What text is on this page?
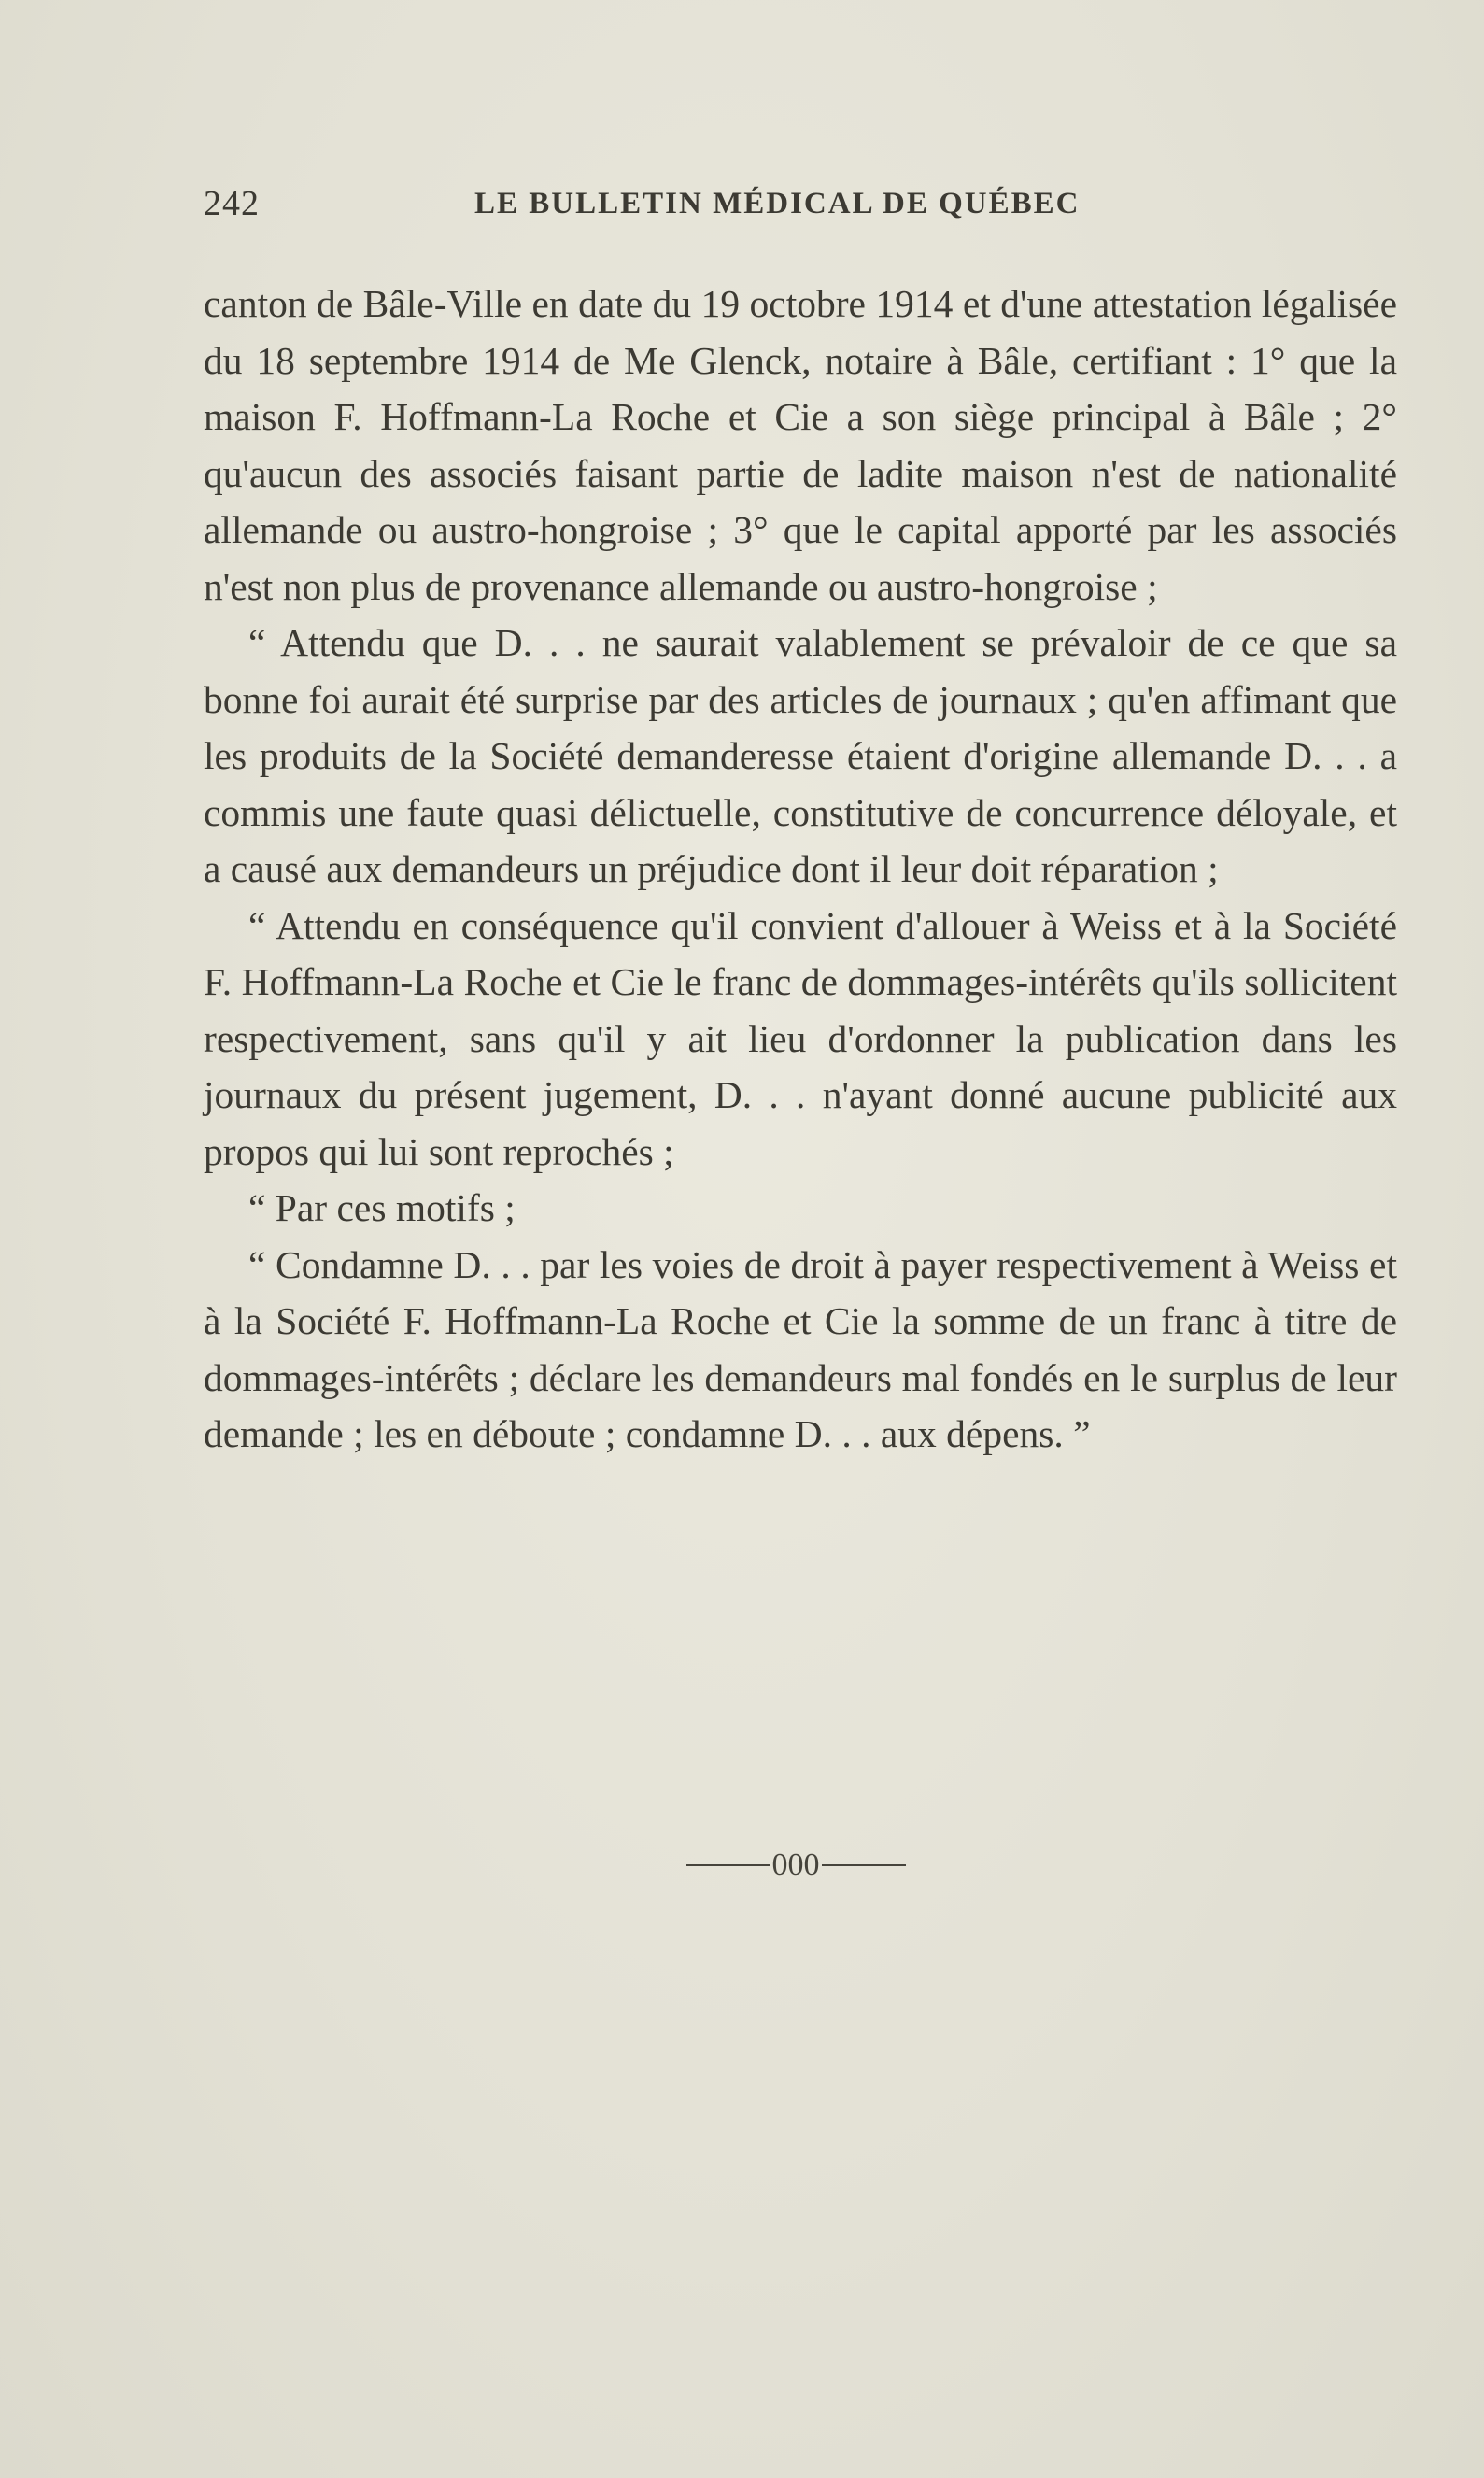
242	LE BULLETIN MÉDICAL DE QUÉBEC

canton de Bâle-Ville en date du 19 octobre 1914 et d'une attestation légalisée du 18 septembre 1914 de Me Glenck, notaire à Bâle, certifiant : 1° que la maison F. Hoffmann-La Roche et Cie a son siège principal à Bâle ; 2° qu'aucun des associés faisant partie de ladite maison n'est de nationalité allemande ou austro-hongroise ; 3° que le capital apporté par les associés n'est non plus de provenance allemande ou austro-hongroise ;

“ Attendu que D. . . ne saurait valablement se prévaloir de ce que sa bonne foi aurait été surprise par des articles de journaux ; qu'en affimant que les produits de la Société demanderesse étaient d'origine allemande D. . . a commis une faute quasi délictuelle, constitutive de concurrence déloyale, et a causé aux demandeurs un préjudice dont il leur doit réparation ;

“ Attendu en conséquence qu'il convient d'allouer à Weiss et à la Société F. Hoffmann-La Roche et Cie le franc de dommages-intérêts qu'ils sollicitent respectivement, sans qu'il y ait lieu d'ordonner la publication dans les journaux du présent jugement, D. . . n'ayant donné aucune publicité aux propos qui lui sont reprochés ;

“ Par ces motifs ;

“ Condamne D. . . par les voies de droit à payer respectivement à Weiss et à la Société F. Hoffmann-La Roche et Cie la somme de un franc à titre de dommages-intérêts ; déclare les demandeurs mal fondés en le surplus de leur demande ; les en déboute ; condamne D. . . aux dépens. ”

000
